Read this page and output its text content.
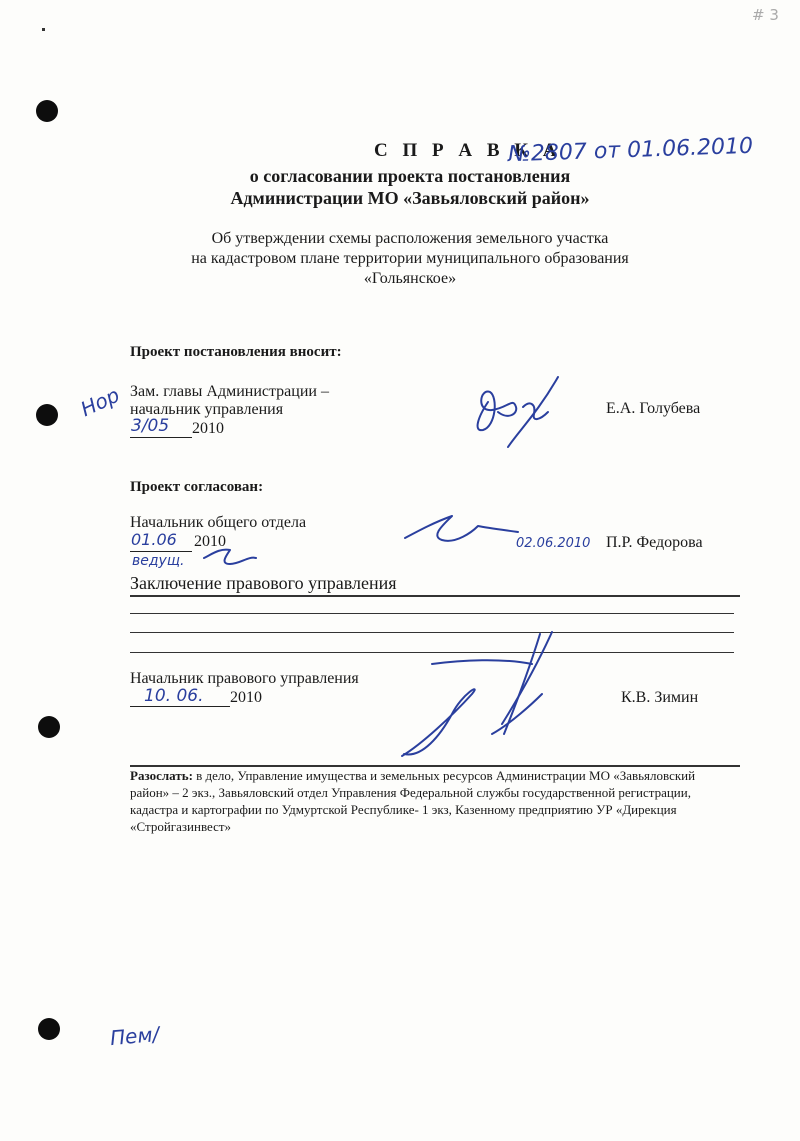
# 3
С П Р А В К А
№2807 от 01.06.2010
о согласовании проекта постановления
Администрации МО «Завьяловский район»
Об утверждении схемы расположения земельного участка
на кадастровом плане территории муниципального образования
«Гольянское»
Проект постановления вносит:
Нор Зам. главы Администрации –
начальник управления
3/05 2010
Е.А. Голубева
Проект согласован:
Начальник общего отдела
01.06 2010
ведущ.
02.06.2010 П.Р. Федорова
Заключение правового управления
Начальник правового управления
10. 06. 2010	К.В. Зимин
Разослать: в дело, Управление имущества и земельных ресурсов Администрации МО «Завьяловский
район» – 2 экз., Завьяловский отдел Управления Федеральной службы государственной регистрации,
кадастра и картографии по Удмуртской Республике- 1 экз, Казенному предприятию УР «Дирекция
«Стройгазинвест»
Пем/
